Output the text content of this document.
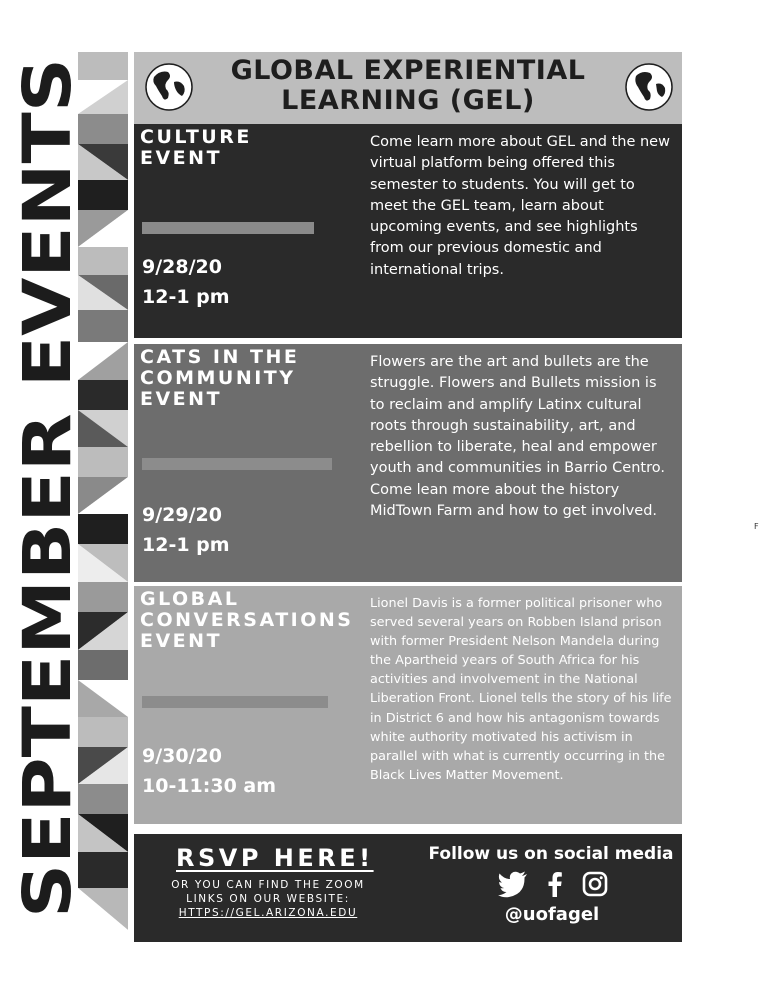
SEPTEMBER EVENTS
GLOBAL EXPERIENTIAL
LEARNING (GEL)
CULTURE
EVENT
9/28/20
12-1 pm
Come learn more about GEL and the new virtual platform being offered this semester to students. You will get to meet the GEL team, learn about upcoming events, and see highlights from our previous domestic and international trips.
CATS IN THE
COMMUNITY
EVENT
9/29/20
12-1 pm
Flowers are the art and bullets are the struggle. Flowers and Bullets mission is to reclaim and amplify Latinx cultural roots through sustainability, art, and rebellion to liberate, heal and empower youth and communities in Barrio Centro. Come lean more about the history MidTown Farm and how to get involved.
GLOBAL
CONVERSATIONS
EVENT
9/30/20
10-11:30 am
Lionel Davis is a former political prisoner who served several years on Robben Island prison with former President Nelson Mandela during the Apartheid years of South Africa for his activities and involvement in the National Liberation Front. Lionel tells the story of his life in District 6 and how his antagonism towards white authority motivated his activism in parallel with what is currently occurring in the Black Lives Matter Movement.
RSVP HERE!
OR YOU CAN FIND THE ZOOM
LINKS ON OUR WEBSITE:
HTTPS://GEL.ARIZONA.EDU
Follow us on social media
@uofagel
F
